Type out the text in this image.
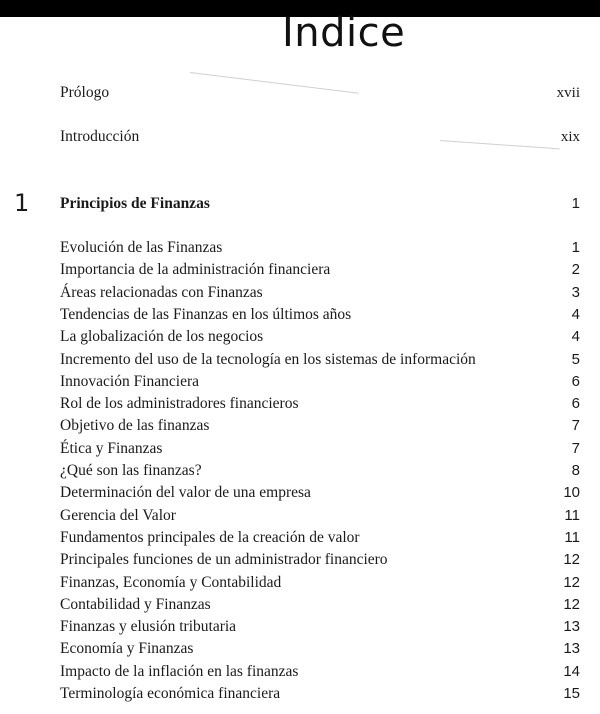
Indice
Prólogo	xvii
Introducción	xix
1 Principios de Finanzas	1
Evolución de las Finanzas	1
Importancia de la administración financiera	2
Áreas relacionadas con Finanzas	3
Tendencias de las Finanzas en los últimos años	4
La globalización de los negocios	4
Incremento del uso de la tecnología en los sistemas de información	5
Innovación Financiera	6
Rol de los administradores financieros	6
Objetivo de las finanzas	7
Ética y Finanzas	7
¿Qué son las finanzas?	8
Determinación del valor de una empresa	10
Gerencia del Valor	11
Fundamentos principales de la creación de valor	11
Principales funciones de un administrador financiero	12
Finanzas, Economía y Contabilidad	12
Contabilidad y Finanzas	12
Finanzas y elusión tributaria	13
Economía y Finanzas	13
Impacto de la inflación en las finanzas	14
Terminología económica financiera	15
